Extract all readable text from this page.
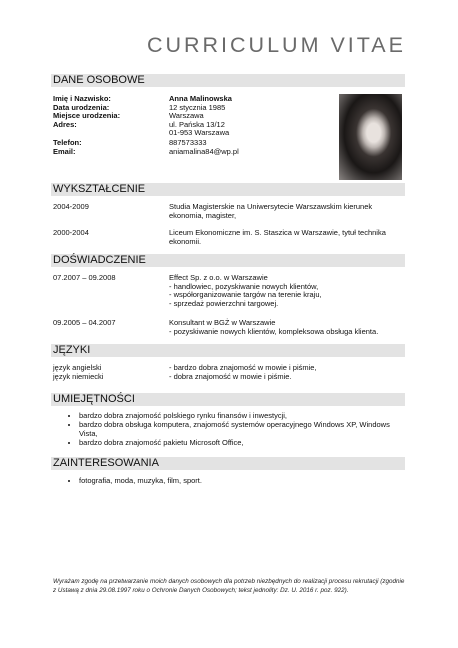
CURRICULUM VITAE
DANE OSOBOWE
Imię i Nazwisko:	Anna Malinowska
Data urodzenia:	12 stycznia 1985
Miejsce urodzenia:	Warszawa
Adres:	ul. Pańska 13/12
01-953 Warszawa
Telefon:	887573333
Email:	aniamalina84@wp.pl
WYKSZTAŁCENIE
2004-2009	Studia Magisterskie na Uniwersytecie Warszawskim kierunek
ekonomia, magister,
2000-2004	Liceum Ekonomiczne im. S. Staszica w Warszawie, tytuł technika
ekonomii.
DOŚWIADCZENIE
07.2007 – 09.2008	Effect Sp. z o.o. w Warszawie
- handlowiec, pozyskiwanie nowych klientów,
- współorganizowanie targów na terenie kraju,
- sprzedaż powierzchni targowej.
09.2005 – 04.2007	Konsultant w BGŻ w Warszawie
- pozyskiwanie nowych klientów, kompleksowa obsługa klienta.
JĘZYKI
język angielski	- bardzo dobra znajomość w mowie i piśmie,
język niemiecki	- dobra znajomość w mowie i piśmie.
UMIEJĘTNOŚCI
• bardzo dobra znajomość polskiego rynku finansów i inwestycji,
• bardzo dobra obsługa komputera, znajomość systemów operacyjnego Windows XP, Windows Vista,
• bardzo dobra znajomość pakietu Microsoft Office,
ZAINTERESOWANIA
• fotografia, moda, muzyka, film, sport.
Wyrażam zgodę na przetwarzanie moich danych osobowych dla potrzeb niezbędnych do realizacji procesu rekrutacji (zgodnie z Ustawą z dnia 29.08.1997 roku o Ochronie Danych Osobowych; tekst jednolity: Dz. U. 2016 r. poz. 922).
